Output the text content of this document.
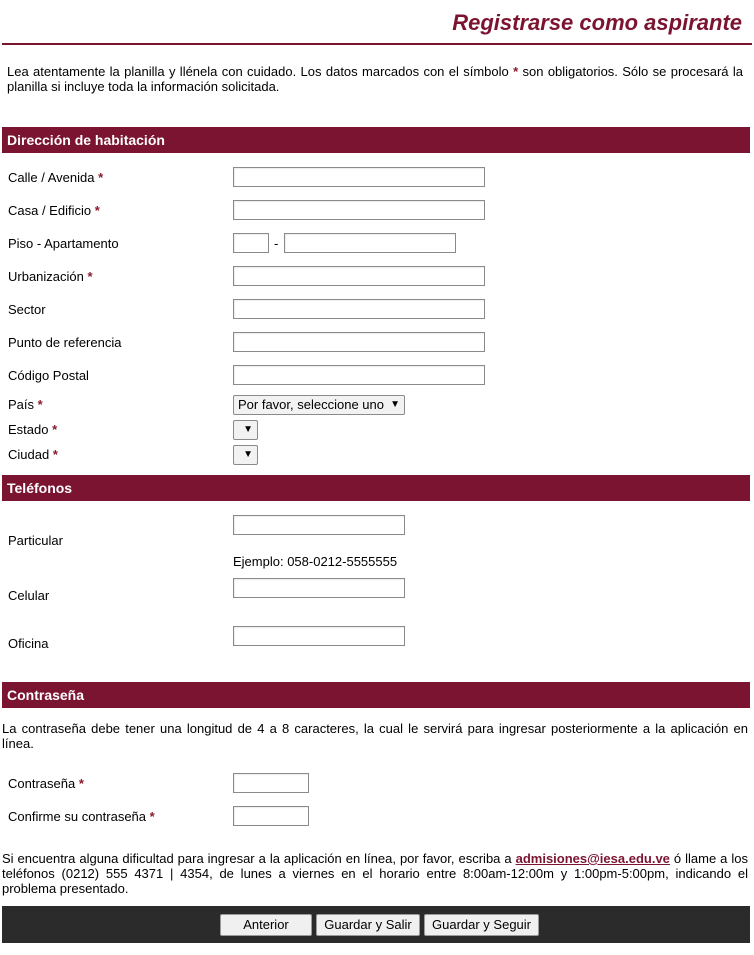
Registrarse como aspirante
Lea atentamente la planilla y llénela con cuidado. Los datos marcados con el símbolo * son obligatorios. Sólo se procesará la planilla si incluye toda la información solicitada.
Dirección de habitación
Calle / Avenida *
Casa / Edificio *
Piso - Apartamento	-
Urbanización *
Sector
Punto de referencia
Código Postal
País *	Por favor, seleccione uno ▼
Estado *	▼
Ciudad *	▼
Teléfonos
Particular
Ejemplo: 058-0212-5555555
Celular
Oficina
Contraseña
La contraseña debe tener una longitud de 4 a 8 caracteres, la cual le servirá para ingresar posteriormente a la aplicación en línea.
Contraseña *
Confirme su contraseña *
Si encuentra alguna dificultad para ingresar a la aplicación en línea, por favor, escriba a admisiones@iesa.edu.ve ó llame a los teléfonos (0212) 555 4371 | 4354, de lunes a viernes en el horario entre 8:00am-12:00m y 1:00pm-5:00pm, indicando el problema presentado.
Anterior	Guardar y Salir	Guardar y Seguir
